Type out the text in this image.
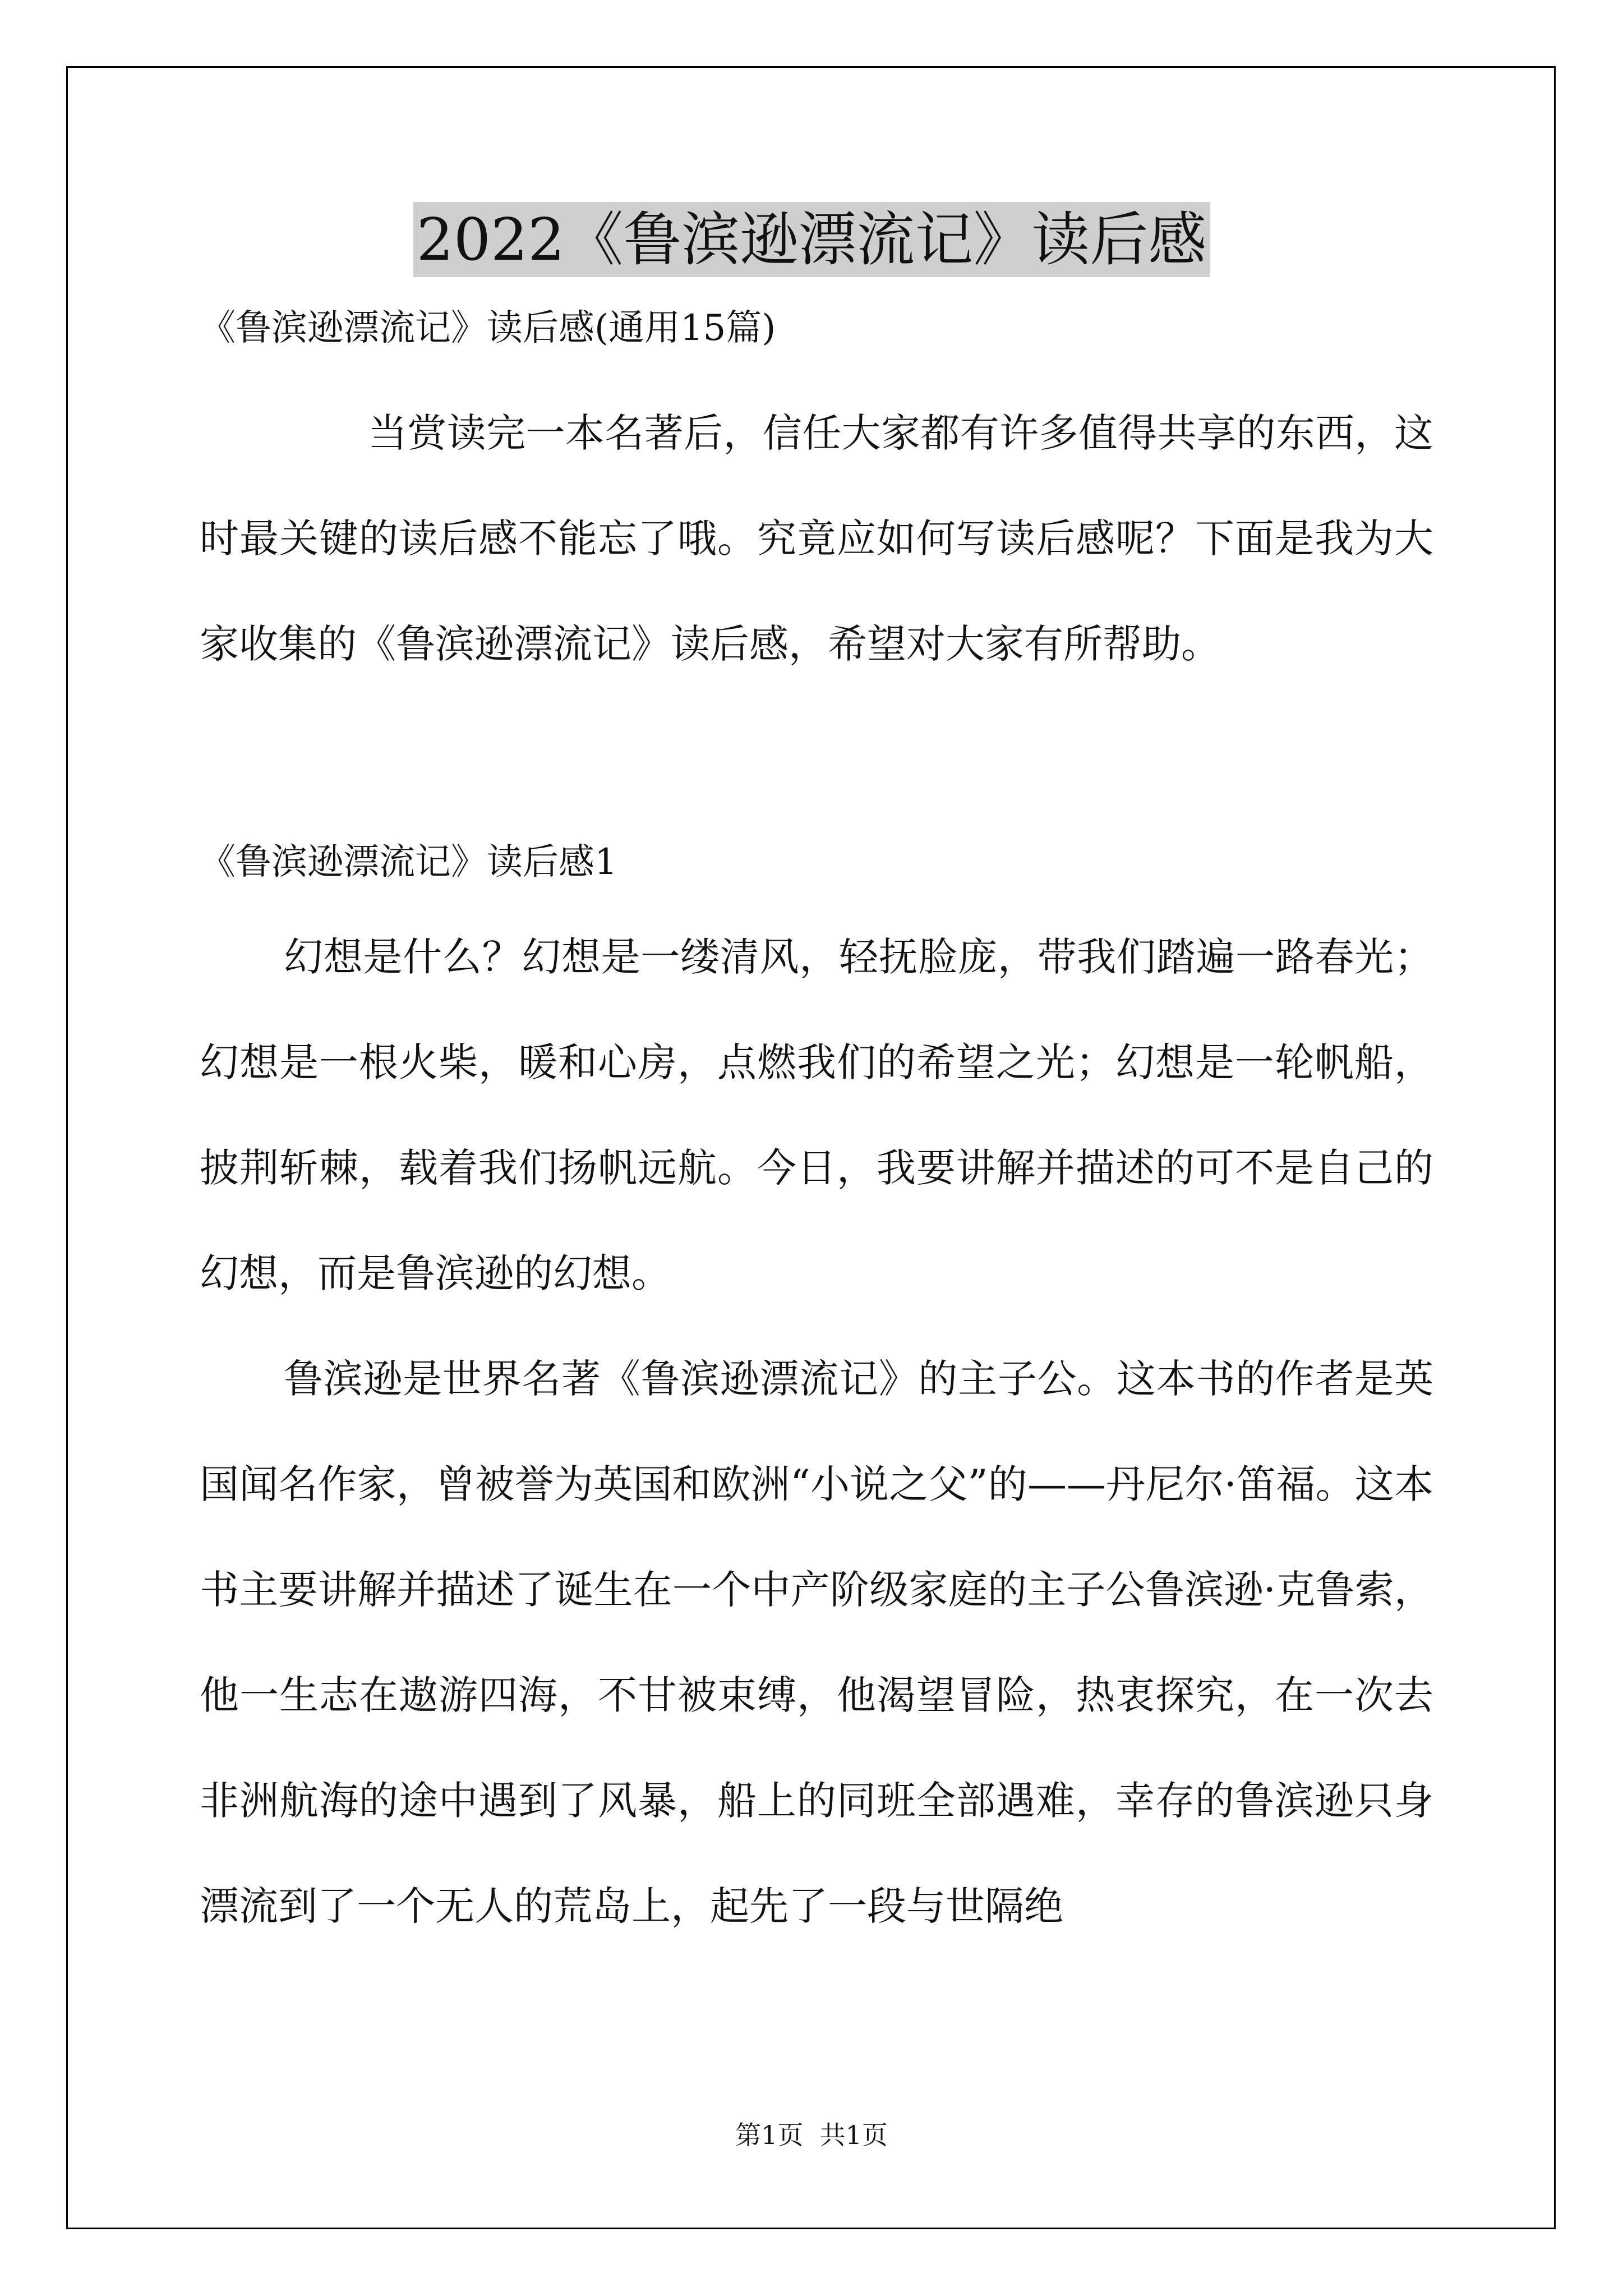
2022《鲁滨逊漂流记》读后感

《鲁滨逊漂流记》读后感(通用15篇)

当赏读完一本名著后，信任大家都有许多值得共享的东西，这时最关键的读后感不能忘了哦。究竟应如何写读后感呢？下面是我为大家收集的《鲁滨逊漂流记》读后感，希望对大家有所帮助。

《鲁滨逊漂流记》读后感1

幻想是什么？幻想是一缕清风，轻抚脸庞，带我们踏遍一路春光；幻想是一根火柴，暖和心房，点燃我们的希望之光；幻想是一轮帆船，披荆斩棘，载着我们扬帆远航。今日，我要讲解并描述的可不是自己的幻想，而是鲁滨逊的幻想。

鲁滨逊是世界名著《鲁滨逊漂流记》的主子公。这本书的作者是英国闻名作家，曾被誉为英国和欧洲“小说之父”的——丹尼尔·笛福。这本书主要讲解并描述了诞生在一个中产阶级家庭的主子公鲁滨逊·克鲁索，他一生志在遨游四海，不甘被束缚，他渴望冒险，热衷探究，在一次去非洲航海的途中遇到了风暴，船上的同班全部遇难，幸存的鲁滨逊只身漂流到了一个无人的荒岛上，起先了一段与世隔绝

第1页  共1页
